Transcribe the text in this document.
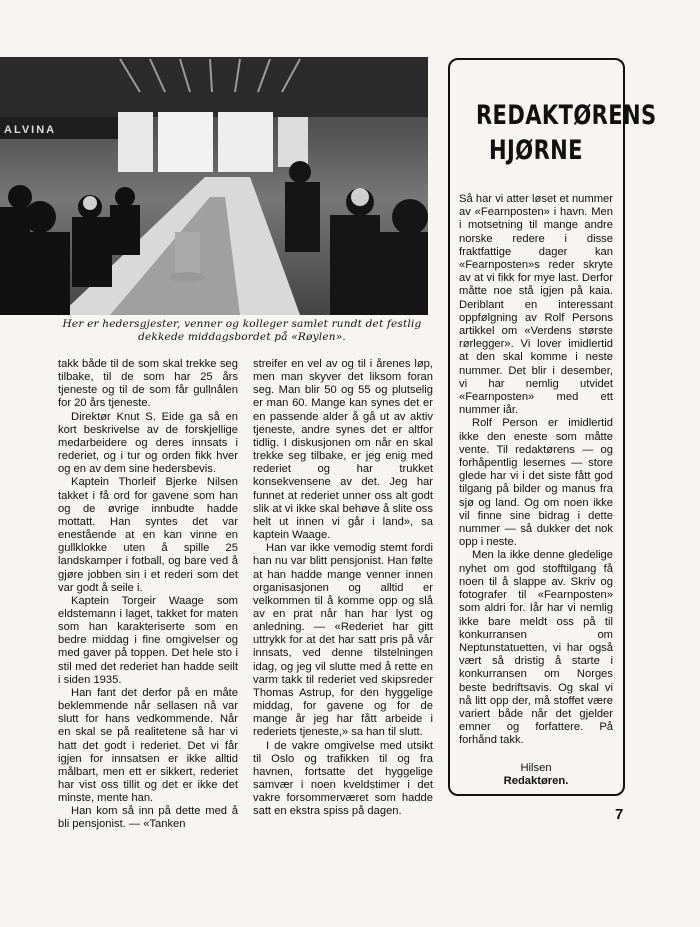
ALVINA
Her er hedersgjester, venner og kolleger samlet rundt det festlig
dekkede middagsbordet på «Røylen».

takk både til de som skal trekke seg tilbake, til de som har 25 års tjeneste og til de som får gullnålen for 20 års tjeneste.

Direktør Knut S. Eide ga så en kort beskrivelse av de forskjellige medarbeidere og deres innsats i rederiet, og i tur og orden fikk hver og en av dem sine hedersbevis.

Kaptein Thorleif Bjerke Nilsen takket i få ord for gavene som han og de øvrige innbudte hadde mottatt. Han syntes det var enestående at en kan vinne en gullklokke uten å spille 25 landskamper i fotball, og bare ved å gjøre jobben sin i et rederi som det var godt å seile i.

Kaptein Torgeir Waage som eldstemann i laget, takket for maten som han karakteriserte som en bedre middag i fine omgivelser og med gaver på toppen. Det hele sto i stil med det rederiet han hadde seilt i siden 1935.

Han fant det derfor på en måte beklemmende når sellasen nå var slutt for hans vedkommende. Når en skal se på realitetene så har vi hatt det godt i rederiet. Det vi får igjen for innsatsen er ikke alltid målbart, men ett er sikkert, rederiet har vist oss tillit og det er ikke det minste, mente han.

Han kom så inn på dette med å bli pensjonist. — «Tanken

streifer en vel av og til i årenes løp, men man skyver det liksom foran seg. Man blir 50 og 55 og plutselig er man 60. Mange kan synes det er en passende alder å gå ut av aktiv tjeneste, andre synes det er altfor tidlig. I diskusjonen om når en skal trekke seg tilbake, er jeg enig med rederiet og har trukket konsekvensene av det. Jeg har funnet at rederiet unner oss alt godt slik at vi ikke skal behøve å slite oss helt ut innen vi går i land», sa kaptein Waage.

Han var ikke vemodig stemt fordi han nu var blitt pensjonist. Han følte at han hadde mange venner innen organisasjonen og alltid er velkommen til å komme opp og slå av en prat når han har lyst og anledning. — «Rederiet har gitt uttrykk for at det har satt pris på vår innsats, ved denne tilstelningen idag, og jeg vil slutte med å rette en varm takk til rederiet ved skipsreder Thomas Astrup, for den hyggelige middag, for gavene og for de mange år jeg har fått arbeide i rederiets tjeneste,» sa han til slutt.

I de vakre omgivelse med utsikt til Oslo og trafikken til og fra havnen, fortsatte det hyggelige samvær i noen kveldstimer i det vakre forsommerværet som hadde satt en ekstra spiss på dagen.

REDAKTØRENS
HJØRNE

Så har vi atter løset et nummer av «Fearnposten» i havn. Men i motsetning til mange andre norske redere i disse fraktfattige dager kan «Fearnposten»s reder skryte av at vi fikk for mye last. Derfor måtte noe stå igjen på kaia. Deriblant en interessant oppfølgning av Rolf Persons artikkel om «Verdens største rørlegger». Vi lover imidlertid at den skal komme i neste nummer. Det blir i desember, vi har nemlig utvidet «Fearnposten» med ett nummer iår.

Rolf Person er imidlertid ikke den eneste som måtte vente. Til redaktørens — og forhåpentlig lesernes — store glede har vi i det siste fått god tilgang på bilder og manus fra sjø og land. Og om noen ikke vil finne sine bidrag i dette nummer — så dukker det nok opp i neste.

Men la ikke denne gledelige nyhet om god stofftilgang få noen til å slappe av. Skriv og fotografer til «Fearnposten» som aldri for. Iår har vi nemlig ikke bare meldt oss på til konkurransen om Neptunstatuetten, vi har også vært så dristig å starte i konkurransen om Norges beste bedriftsavis. Og skal vi nå litt opp der, må stoffet være variert både når det gjelder emner og forfattere. På forhånd takk.

Hilsen
Redaktøren.
7
